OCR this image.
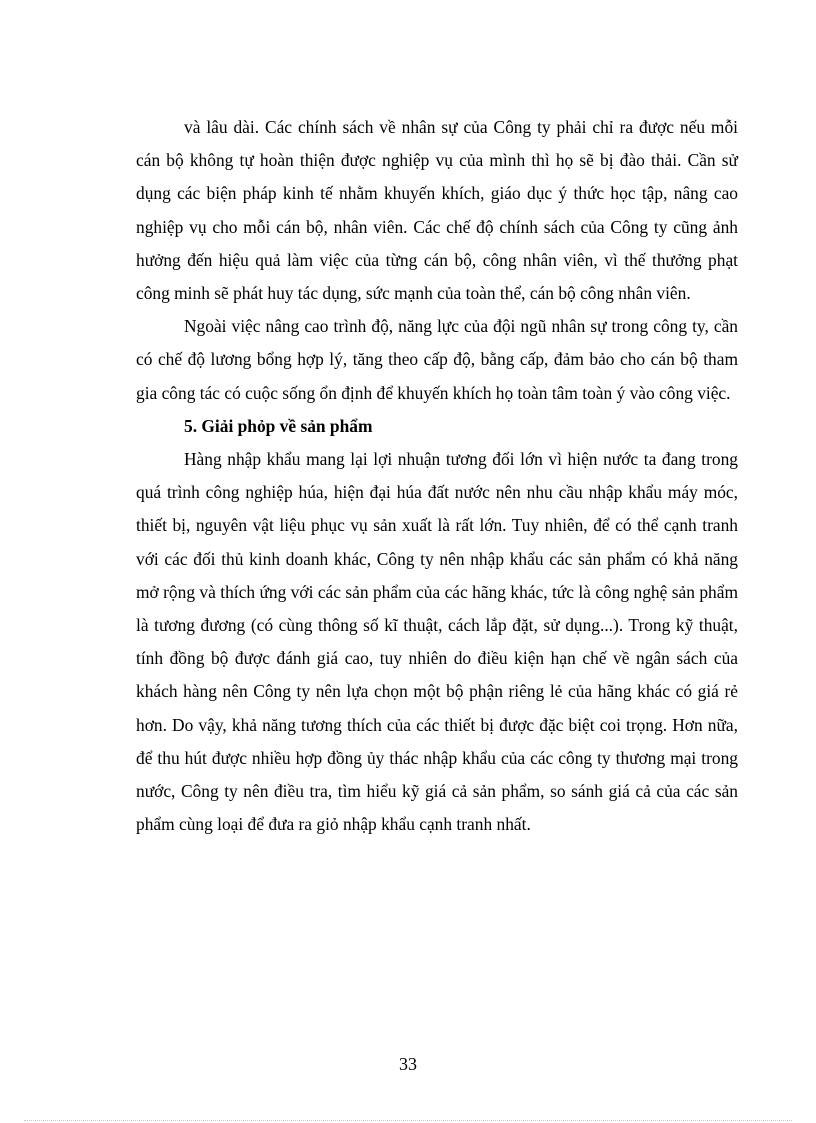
và lâu dài. Các chính sách về nhân sự của Công ty phải chỉ ra được nếu mỗi cán bộ không tự hoàn thiện được nghiệp vụ của mình thì họ sẽ bị đào thải. Cần sử dụng các biện pháp kinh tế nhằm khuyến khích, giáo dục ý thức học tập, nâng cao nghiệp vụ cho mỗi cán bộ, nhân viên. Các chế độ chính sách của Công ty cũng ảnh hưởng đến hiệu quả làm việc của từng cán bộ, công nhân viên, vì thế thưởng phạt công minh sẽ phát huy tác dụng, sức mạnh của toàn thể, cán bộ công nhân viên.

Ngoài việc nâng cao trình độ, năng lực của đội ngũ nhân sự trong công ty, cần có chế độ lương bổng hợp lý, tăng theo cấp độ, bằng cấp, đảm bảo cho cán bộ tham gia công tác có cuộc sống ổn định để khuyến khích họ toàn tâm toàn ý vào công việc.

5. Giải phỏp về sản phẩm

Hàng nhập khẩu mang lại lợi nhuận tương đối lớn vì hiện nước ta đang trong quá trình công nghiệp húa, hiện đại húa đất nước nên nhu cầu nhập khẩu máy móc, thiết bị, nguyên vật liệu phục vụ sản xuất là rất lớn. Tuy nhiên, để có thể cạnh tranh với các đối thủ kinh doanh khác, Công ty nên nhập khẩu các sản phẩm có khả năng mở rộng và thích ứng với các sản phẩm của các hãng khác, tức là công nghệ sản phẩm là tương đương (có cùng thông số kĩ thuật, cách lắp đặt, sử dụng...). Trong kỹ thuật, tính đồng bộ được đánh giá cao, tuy nhiên do điều kiện hạn chế về ngân sách của khách hàng nên Công ty nên lựa chọn một bộ phận riêng lẻ của hãng khác có giá rẻ hơn. Do vậy, khả năng tương thích của các thiết bị được đặc biệt coi trọng. Hơn nữa, để thu hút được nhiều hợp đồng ủy thác nhập khẩu của các công ty thương mại trong nước, Công ty nên điều tra, tìm hiểu kỹ giá cả sản phẩm, so sánh giá cả của các sản phẩm cùng loại để đưa ra giỏ nhập khẩu cạnh tranh nhất.

33
